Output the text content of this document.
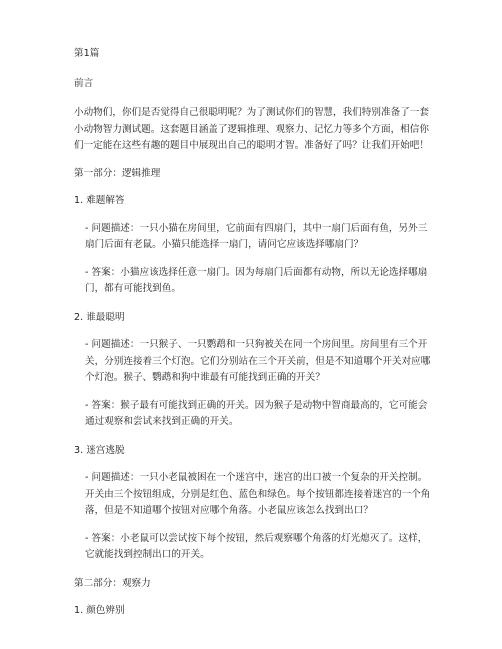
第1篇

前言

小动物们，你们是否觉得自己很聪明呢？为了测试你们的智慧，我们特别准备了一套小动物智力测试题。这套题目涵盖了逻辑推理、观察力、记忆力等多个方面，相信你们一定能在这些有趣的题目中展现出自己的聪明才智。准备好了吗？让我们开始吧！

第一部分：逻辑推理

1. 难题解答

- 问题描述：一只小猫在房间里，它前面有四扇门，其中一扇门后面有鱼，另外三扇门后面有老鼠。小猫只能选择一扇门，请问它应该选择哪扇门？

- 答案：小猫应该选择任意一扇门。因为每扇门后面都有动物，所以无论选择哪扇门，都有可能找到鱼。

2. 谁最聪明

- 问题描述：一只猴子、一只鹦鹉和一只狗被关在同一个房间里。房间里有三个开关，分别连接着三个灯泡。它们分别站在三个开关前，但是不知道哪个开关对应哪个灯泡。猴子、鹦鹉和狗中谁最有可能找到正确的开关？

- 答案：猴子最有可能找到正确的开关。因为猴子是动物中智商最高的，它可能会通过观察和尝试来找到正确的开关。

3. 迷宫逃脱

- 问题描述：一只小老鼠被困在一个迷宫中，迷宫的出口被一个复杂的开关控制。开关由三个按钮组成，分别是红色、蓝色和绿色。每个按钮都连接着迷宫的一个角落，但是不知道哪个按钮对应哪个角落。小老鼠应该怎么找到出口？

- 答案：小老鼠可以尝试按下每个按钮，然后观察哪个角落的灯光熄灭了。这样，它就能找到控制出口的开关。

第二部分：观察力

1. 颜色辨别
